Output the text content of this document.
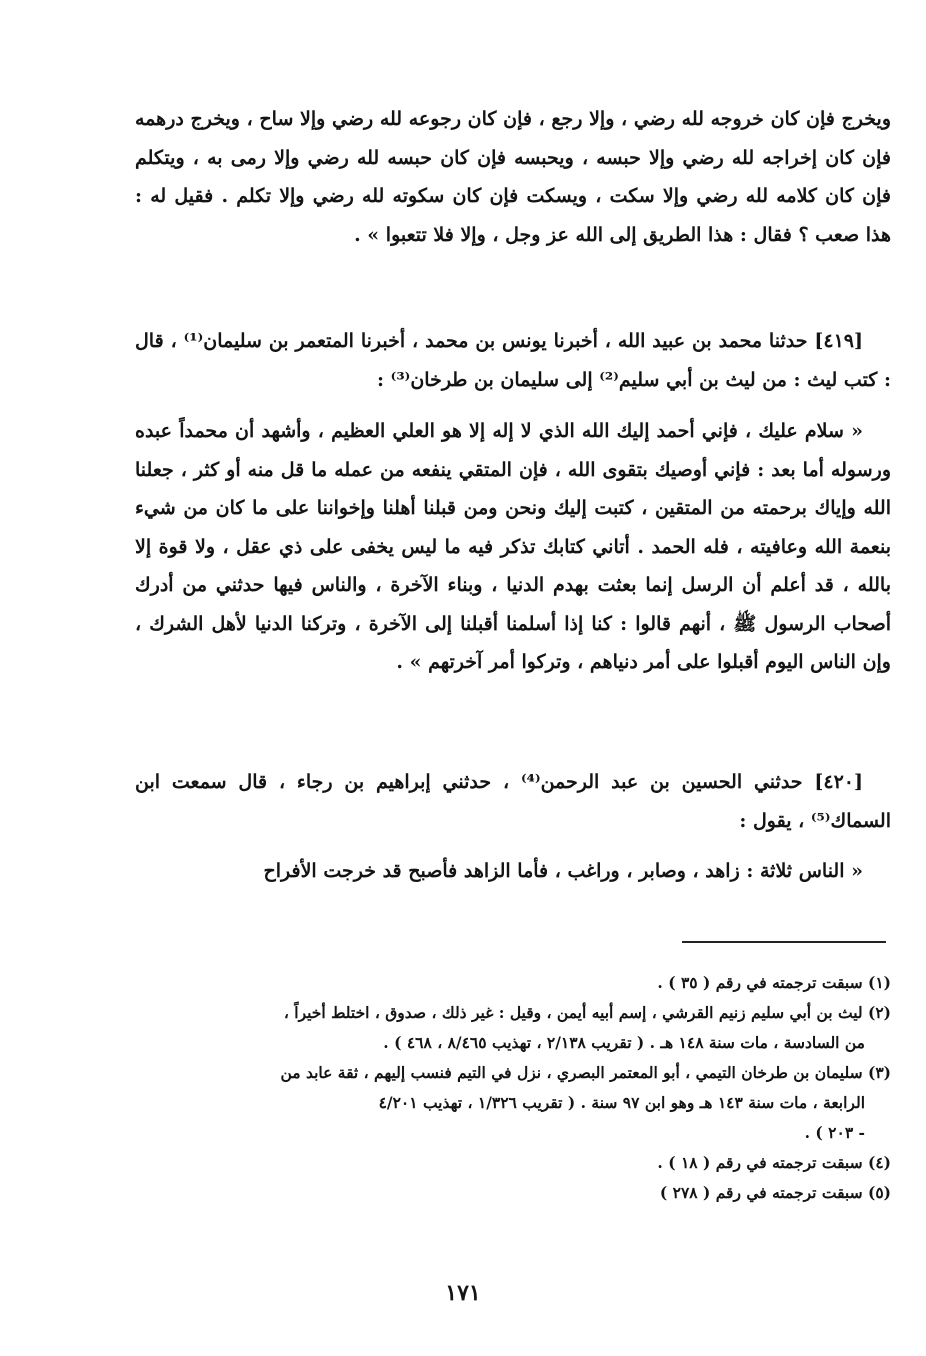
ويخرج فإن كان خروجه لله رضي ، وإلا رجع ، فإن كان رجوعه لله رضي وإلا ساح ، ويخرج درهمه فإن كان إخراجه لله رضي وإلا حبسه ، ويحبسه فإن كان حبسه لله رضي وإلا رمى به ، ويتكلم فإن كان كلامه لله رضي وإلا سكت ، ويسكت فإن كان سكوته لله رضي وإلا تكلم . فقيل له : هذا صعب ؟ فقال : هذا الطريق إلى الله عز وجل ، وإلا فلا تتعبوا » .

[٤١٩] حدثنا محمد بن عبيد الله ، أخبرنا يونس بن محمد ، أخبرنا المتعمر بن سليمان⁽¹⁾ ، قال : كتب ليث : من ليث بن أبي سليم⁽²⁾ إلى سليمان بن طرخان⁽³⁾ :

« سلام عليك ، فإني أحمد إليك الله الذي لا إله إلا هو العلي العظيم ، وأشهد أن محمداً عبده ورسوله أما بعد : فإني أوصيك بتقوى الله ، فإن المتقي ينفعه من عمله ما قل منه أو كثر ، جعلنا الله وإياك برحمته من المتقين ، كتبت إليك ونحن ومن قبلنا أهلنا وإخواننا على ما كان من شيء بنعمة الله وعافيته ، فله الحمد . أتاني كتابك تذكر فيه ما ليس يخفى على ذي عقل ، ولا قوة إلا بالله ، قد أعلم أن الرسل إنما بعثت بهدم الدنيا ، وبناء الآخرة ، والناس فيها حدثني من أدرك أصحاب الرسول ﷺ ، أنهم قالوا : كنا إذا أسلمنا أقبلنا إلى الآخرة ، وتركنا الدنيا لأهل الشرك ، وإن الناس اليوم أقبلوا على أمر دنياهم ، وتركوا أمر آخرتهم » .

[٤٢٠] حدثني الحسين بن عبد الرحمن⁽⁴⁾ ، حدثني إبراهيم بن رجاء ، قال سمعت ابن السماك⁽⁵⁾ ، يقول :

« الناس ثلاثة : زاهد ، وصابر ، وراغب ، فأما الزاهد فأصبح قد خرجت الأفراح

(١) سبقت ترجمته في رقم ( ٣٥ ) .

(٢) ليث بن أبي سليم زنيم القرشي ، إسم أبيه أيمن ، وقيل : غير ذلك ، صدوق ، اختلط أخيراً ،

من السادسة ، مات سنة ١٤٨ هـ . ( تقريب ٢/١٣٨ ، تهذيب ٨/٤٦٥ ، ٤٦٨ ) .

(٣) سليمان بن طرخان التيمي ، أبو المعتمر البصري ، نزل في التيم فنسب إليهم ، ثقة عابد من

الرابعة ، مات سنة ١٤٣ هـ وهو ابن ٩٧ سنة . ( تقريب ١/٣٢٦ ، تهذيب ٤/٢٠١

- ٢٠٣ ) .

(٤) سبقت ترجمته في رقم ( ١٨ ) .

(٥) سبقت ترجمته في رقم ( ٢٧٨ )

١٧١
